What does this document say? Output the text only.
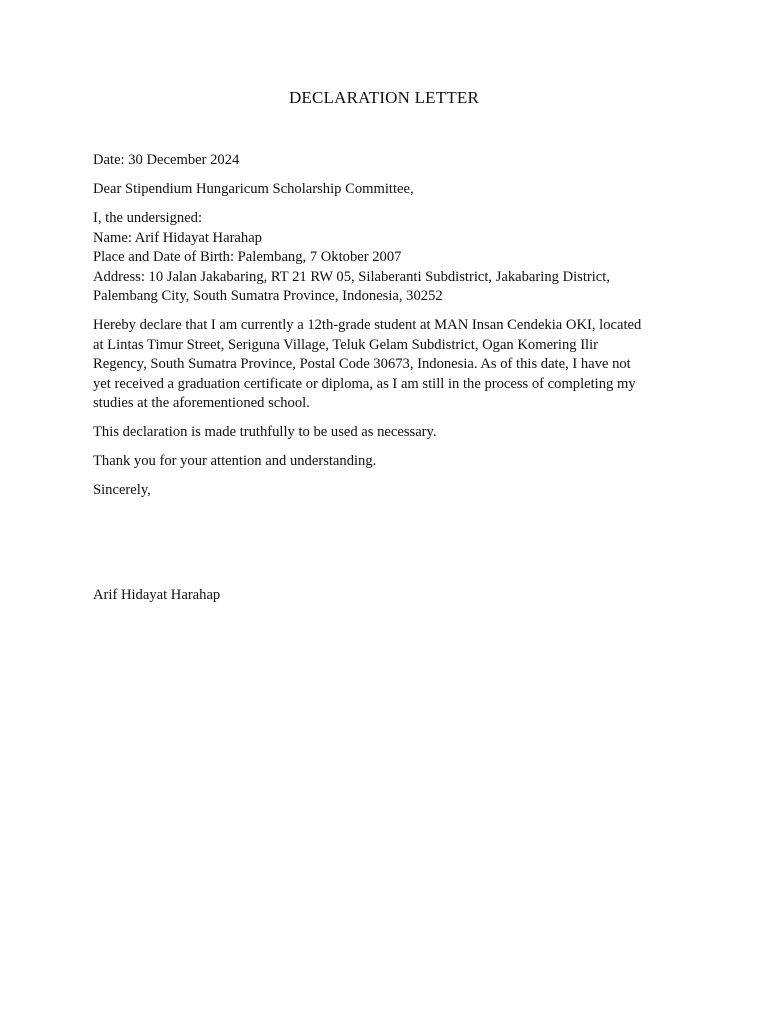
DECLARATION LETTER

Date: 30 December 2024

Dear Stipendium Hungaricum Scholarship Committee,

I, the undersigned:
Name: Arif Hidayat Harahap
Place and Date of Birth: Palembang, 7 Oktober 2007
Address: 10 Jalan Jakabaring, RT 21 RW 05, Silaberanti Subdistrict, Jakabaring District,
Palembang City, South Sumatra Province, Indonesia, 30252

Hereby declare that I am currently a 12th-grade student at MAN Insan Cendekia OKI, located
at Lintas Timur Street, Seriguna Village, Teluk Gelam Subdistrict, Ogan Komering Ilir
Regency, South Sumatra Province, Postal Code 30673, Indonesia. As of this date, I have not
yet received a graduation certificate or diploma, as I am still in the process of completing my
studies at the aforementioned school.

This declaration is made truthfully to be used as necessary.

Thank you for your attention and understanding.

Sincerely,

Arif Hidayat Harahap
